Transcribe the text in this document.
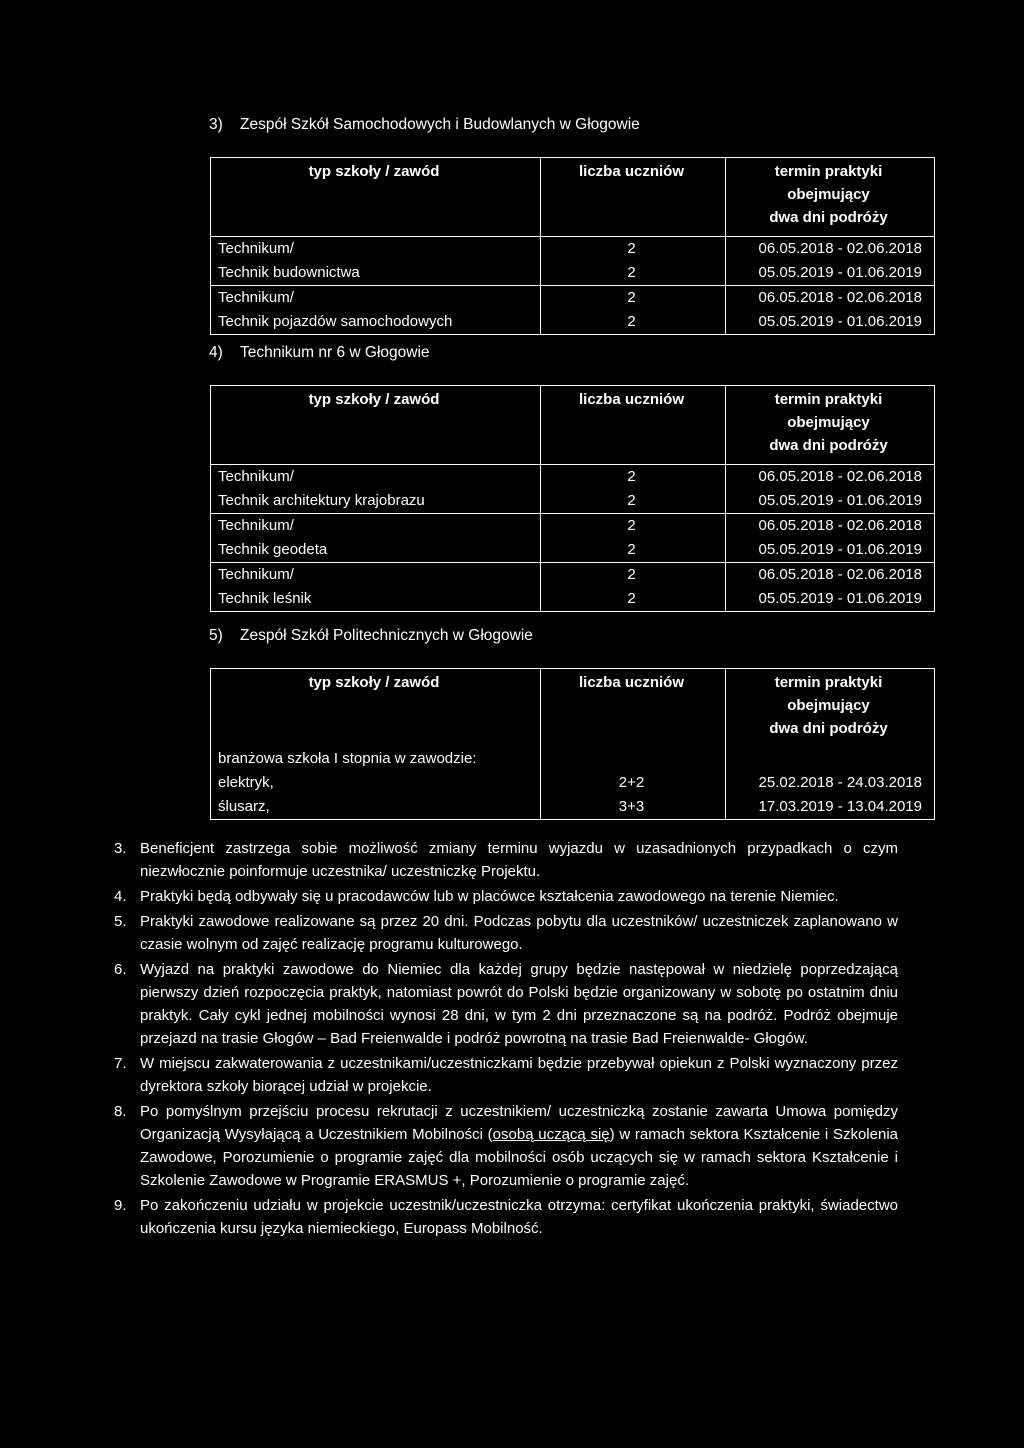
3) Zespół Szkół Samochodowych i Budowlanych w Głogowie
typ szkoły / zawód	liczba uczniów	termin praktyki
obejmujący
dwa dni podróży

Technikum/	2	06.05.2018 - 02.06.2018
Technik budownictwa	2	05.05.2019 - 01.06.2019
Technikum/	2	06.05.2018 - 02.06.2018
Technik pojazdów samochodowych	2	05.05.2019 - 01.06.2019
4) Technikum nr 6 w Głogowie
typ szkoły / zawód	liczba uczniów	termin praktyki
obejmujący
dwa dni podróży

Technikum/	2	06.05.2018 - 02.06.2018
Technik architektury krajobrazu	2	05.05.2019 - 01.06.2019
Technikum/	2	06.05.2018 - 02.06.2018
Technik geodeta	2	05.05.2019 - 01.06.2019
Technikum/	2	06.05.2018 - 02.06.2018
Technik leśnik	2	05.05.2019 - 01.06.2019
5) Zespół Szkół Politechnicznych w Głogowie
typ szkoły / zawód	liczba uczniów	termin praktyki
obejmujący
dwa dni podróży

branżowa szkoła I stopnia w zawodzie:		
elektryk,	2+2	25.02.2018 - 24.03.2018
ślusarz,	3+3	17.03.2019 - 13.04.2019
3. Beneficjent zastrzega sobie możliwość zmiany terminu wyjazdu w uzasadnionych przypadkach o czym niezwłocznie poinformuje uczestnika/ uczestniczkę Projektu.
4. Praktyki będą odbywały się u pracodawców lub w placówce kształcenia zawodowego na terenie Niemiec.
5. Praktyki zawodowe realizowane są przez 20 dni. Podczas pobytu dla uczestników/ uczestniczek zaplanowano w czasie wolnym od zajęć realizację programu kulturowego.
6. Wyjazd na praktyki zawodowe do Niemiec dla każdej grupy będzie następował w niedzielę poprzedzającą pierwszy dzień rozpoczęcia praktyk, natomiast powrót do Polski będzie organizowany w sobotę po ostatnim dniu praktyk. Cały cykl jednej mobilności wynosi 28 dni, w tym 2 dni przeznaczone są na podróż. Podróż obejmuje przejazd na trasie Głogów – Bad Freienwalde i podróż powrotną na trasie Bad Freienwalde- Głogów.
7. W miejscu zakwaterowania z uczestnikami/uczestniczkami będzie przebywał opiekun z Polski wyznaczony przez dyrektora szkoły biorącej udział w projekcie.
8. Po pomyślnym przejściu procesu rekrutacji z uczestnikiem/ uczestniczką zostanie zawarta Umowa pomiędzy Organizacją Wysyłającą a Uczestnikiem Mobilności (osobą uczącą się) w ramach sektora Kształcenie i Szkolenia Zawodowe, Porozumienie o programie zajęć dla mobilności osób uczących się w ramach sektora Kształcenie i Szkolenie Zawodowe w Programie ERASMUS +, Porozumienie o programie zajęć.
9. Po zakończeniu udziału w projekcie uczestnik/uczestniczka otrzyma: certyfikat ukończenia praktyki, świadectwo ukończenia kursu języka niemieckiego, Europass Mobilność.
